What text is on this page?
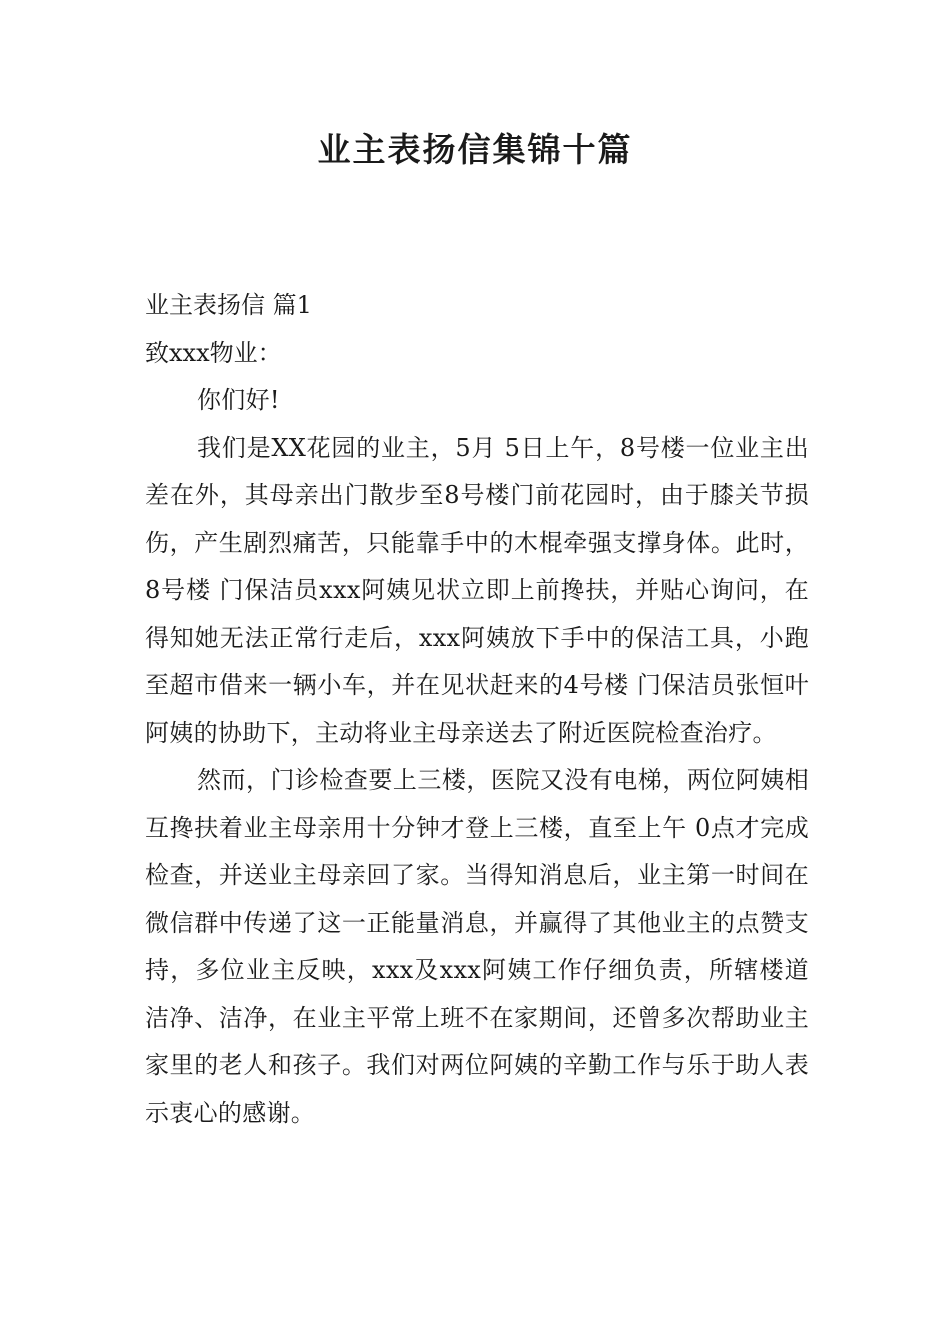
业主表扬信集锦十篇

业主表扬信 篇1

致xxx物业：

你们好!

我们是XX花园的业主，5月 5日上午，8号楼一位业主出差在外，其母亲出门散步至8号楼门前花园时，由于膝关节损伤，产生剧烈痛苦，只能靠手中的木棍牵强支撑身体。此时，8号楼 门保洁员xxx阿姨见状立即上前搀扶，并贴心询问，在得知她无法正常行走后，xxx阿姨放下手中的保洁工具，小跑至超市借来一辆小车，并在见状赶来的4号楼 门保洁员张恒叶阿姨的协助下，主动将业主母亲送去了附近医院检查治疗。

然而，门诊检查要上三楼，医院又没有电梯，两位阿姨相互搀扶着业主母亲用十分钟才登上三楼，直至上午 0点才完成检查，并送业主母亲回了家。当得知消息后，业主第一时间在微信群中传递了这一正能量消息，并赢得了其他业主的点赞支持，多位业主反映，xxx及xxx阿姨工作仔细负责，所辖楼道洁净、洁净，在业主平常上班不在家期间，还曾多次帮助业主家里的老人和孩子。我们对两位阿姨的辛勤工作与乐于助人表示衷心的感谢。
